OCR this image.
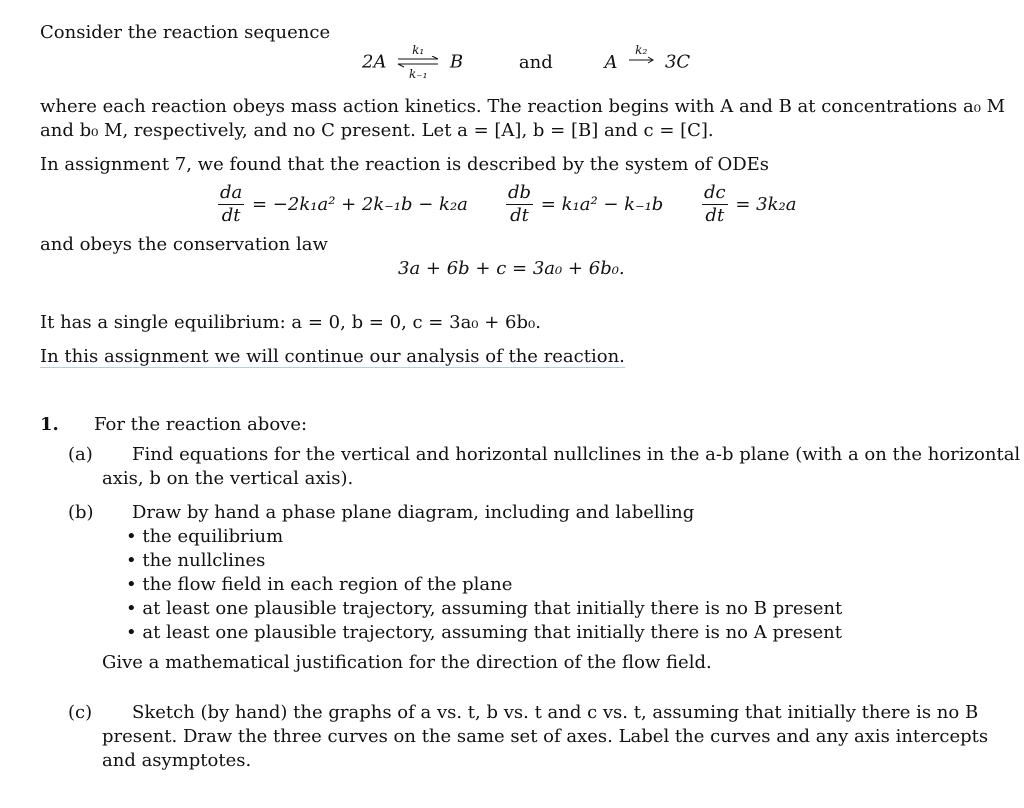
Consider the reaction sequence
2A
k₁
k₋₁
B	and	A
k₂
3C
where each reaction obeys mass action kinetics. The reaction begins with A and B at concentrations a₀ M
and b₀ M, respectively, and no C present. Let a = [A], b = [B] and c = [C].
In assignment 7, we found that the reaction is described by the system of ODEs
$\frac{da}{dt} = -2k_1a^2 + 2k_{-1}b - k_2a \frac{db}{dt} = k_1a^2 - k_{-1}b \frac{dc}{dt} = 3k_2a$
and obeys the conservation law
3a + 6b + c = 3a₀ + 6b₀.
It has a single equilibrium: a = 0, b = 0, c = 3a₀ + 6b₀.
In this assignment we will continue our analysis of the reaction.
1. For the reaction above:
(a) Find equations for the vertical and horizontal nullclines in the a-b plane (with a on the horizontal
axis, b on the vertical axis).
(b) Draw by hand a phase plane diagram, including and labelling
• the equilibrium
• the nullclines
• the flow field in each region of the plane
• at least one plausible trajectory, assuming that initially there is no B present
• at least one plausible trajectory, assuming that initially there is no A present
Give a mathematical justification for the direction of the flow field.
(c) Sketch (by hand) the graphs of a vs. t, b vs. t and c vs. t, assuming that initially there is no B
present. Draw the three curves on the same set of axes. Label the curves and any axis intercepts
and asymptotes.
